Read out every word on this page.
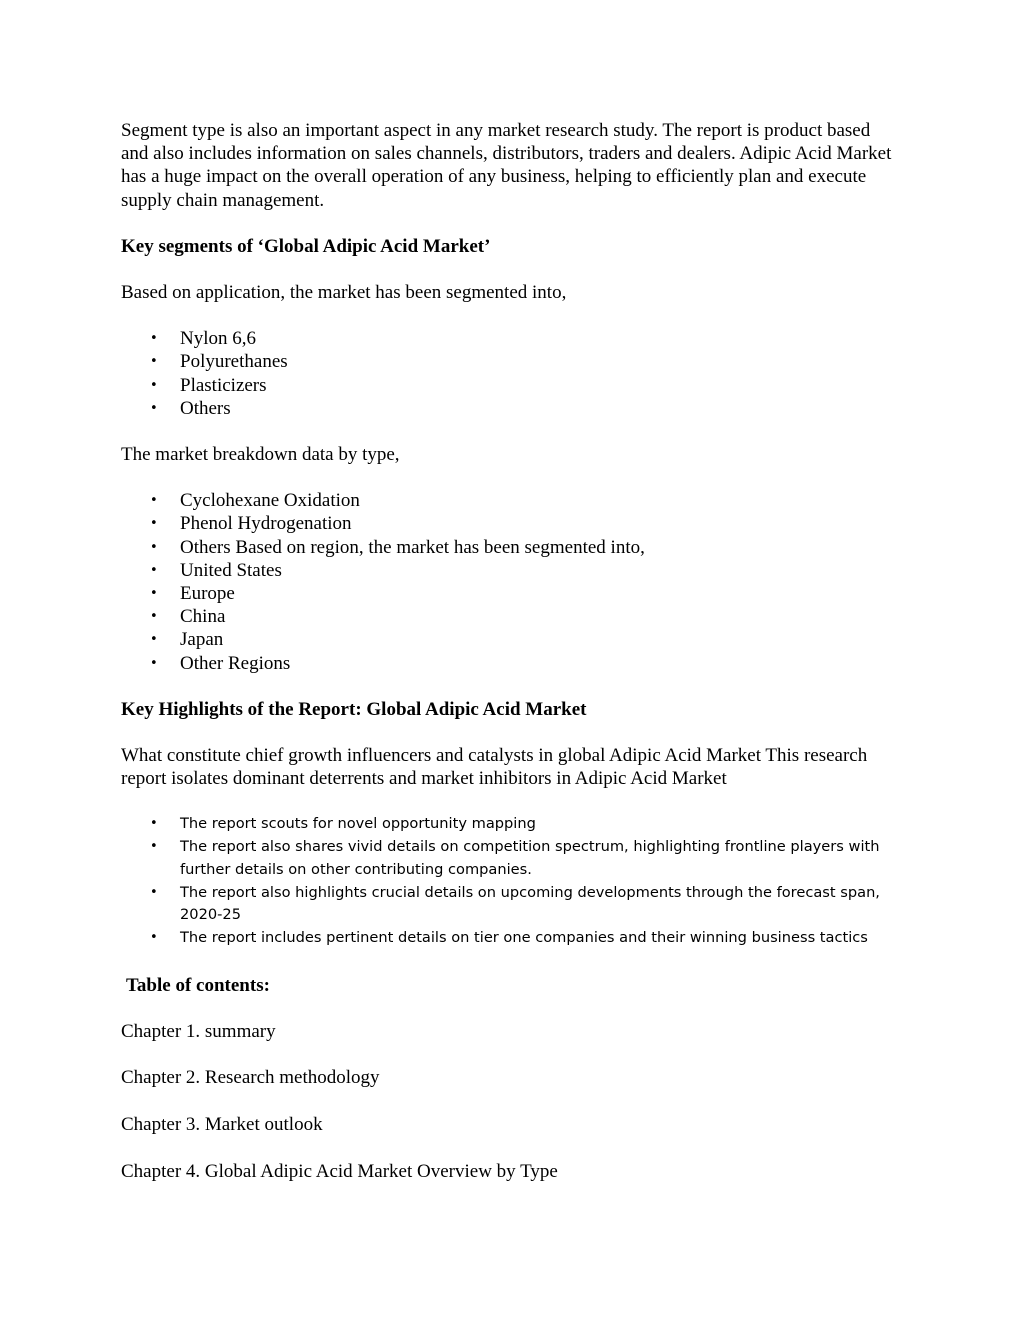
Segment type is also an important aspect in any market research study. The report is product based and also includes information on sales channels, distributors, traders and dealers. Adipic Acid Market has a huge impact on the overall operation of any business, helping to efficiently plan and execute supply chain management.

Key segments of ‘Global Adipic Acid Market’

Based on application, the market has been segmented into,

• Nylon 6,6
• Polyurethanes
• Plasticizers
• Others

The market breakdown data by type,

• Cyclohexane Oxidation
• Phenol Hydrogenation
• Others Based on region, the market has been segmented into,
• United States
• Europe
• China
• Japan
• Other Regions

Key Highlights of the Report: Global Adipic Acid Market

What constitute chief growth influencers and catalysts in global Adipic Acid Market This research report isolates dominant deterrents and market inhibitors in Adipic Acid Market

• The report scouts for novel opportunity mapping
• The report also shares vivid details on competition spectrum, highlighting frontline players with further details on other contributing companies.
• The report also highlights crucial details on upcoming developments through the forecast span, 2020-25
• The report includes pertinent details on tier one companies and their winning business tactics

Table of contents:

Chapter 1. summary

Chapter 2. Research methodology

Chapter 3. Market outlook

Chapter 4. Global Adipic Acid Market Overview by Type
